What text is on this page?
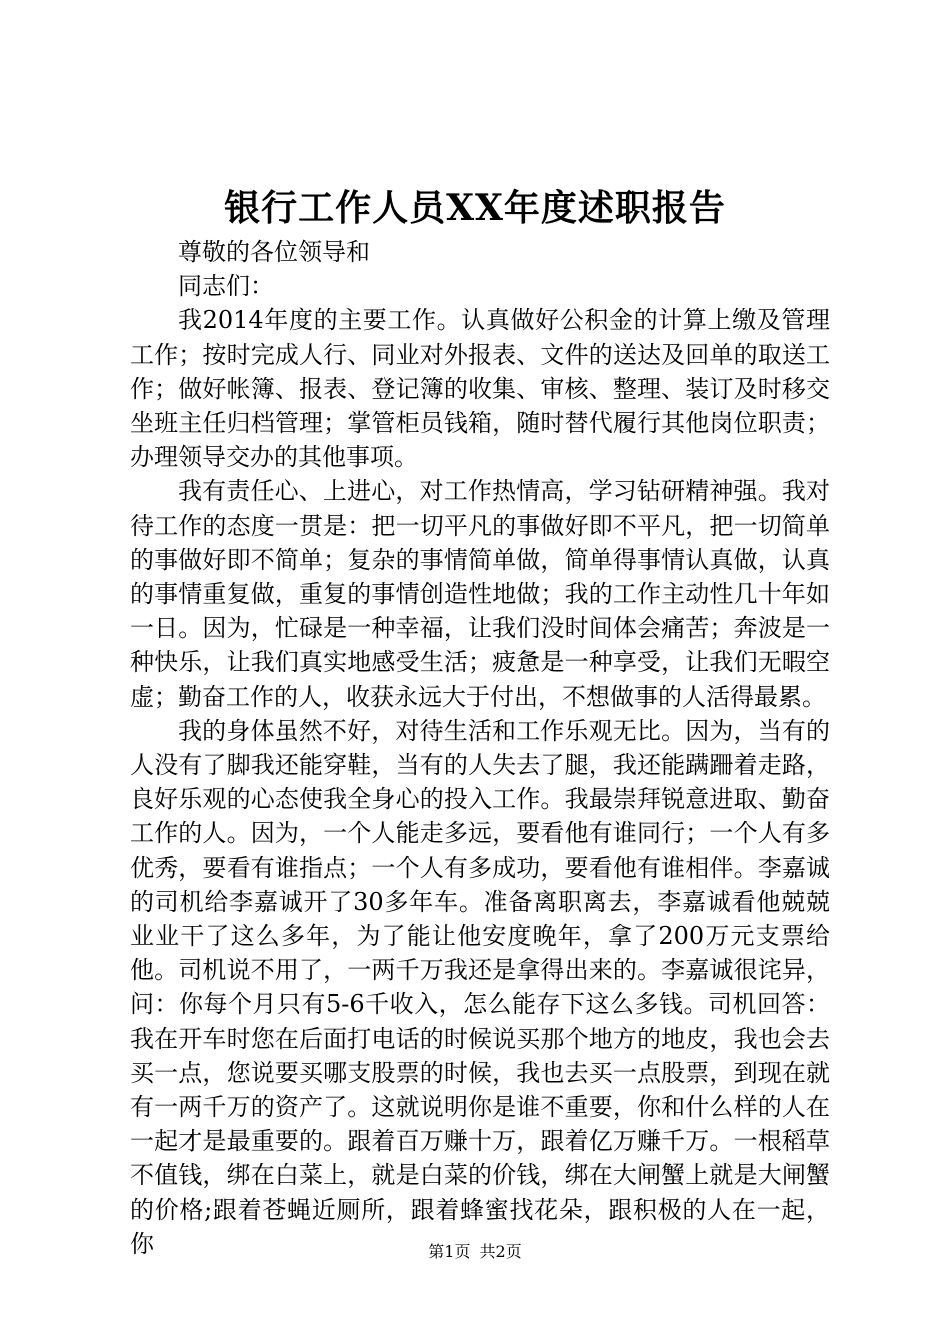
银行工作人员XX年度述职报告

尊敬的各位领导和

同志们：

我2014年度的主要工作。认真做好公积金的计算上缴及管理工作；按时完成人行、同业对外报表、文件的送达及回单的取送工作；做好帐簿、报表、登记簿的收集、审核、整理、装订及时移交坐班主任归档管理；掌管柜员钱箱，随时替代履行其他岗位职责；办理领导交办的其他事项。

我有责任心、上进心，对工作热情高，学习钻研精神强。我对待工作的态度一贯是：把一切平凡的事做好即不平凡，把一切简单的事做好即不简单；复杂的事情简单做，简单得事情认真做，认真的事情重复做，重复的事情创造性地做；我的工作主动性几十年如一日。因为，忙碌是一种幸福，让我们没时间体会痛苦；奔波是一种快乐，让我们真实地感受生活；疲惫是一种享受，让我们无暇空虚；勤奋工作的人，收获永远大于付出，不想做事的人活得最累。

我的身体虽然不好，对待生活和工作乐观无比。因为，当有的人没有了脚我还能穿鞋，当有的人失去了腿，我还能蹒跚着走路，良好乐观的心态使我全身心的投入工作。我最崇拜锐意进取、勤奋工作的人。因为，一个人能走多远，要看他有谁同行；一个人有多优秀，要看有谁指点；一个人有多成功，要看他有谁相伴。李嘉诚的司机给李嘉诚开了30多年车。准备离职离去，李嘉诚看他兢兢业业干了这么多年，为了能让他安度晚年，拿了200万元支票给他。司机说不用了，一两千万我还是拿得出来的。李嘉诚很诧异，问：你每个月只有5-6千收入，怎么能存下这么多钱。司机回答：我在开车时您在后面打电话的时候说买那个地方的地皮，我也会去买一点，您说要买哪支股票的时候，我也去买一点股票，到现在就有一两千万的资产了。这就说明你是谁不重要，你和什么样的人在一起才是最重要的。跟着百万赚十万，跟着亿万赚千万。一根稻草不值钱，绑在白菜上，就是白菜的价钱，绑在大闸蟹上就是大闸蟹的价格;跟着苍蝇近厕所，跟着蜂蜜找花朵，跟积极的人在一起，你	第1页 共2页
